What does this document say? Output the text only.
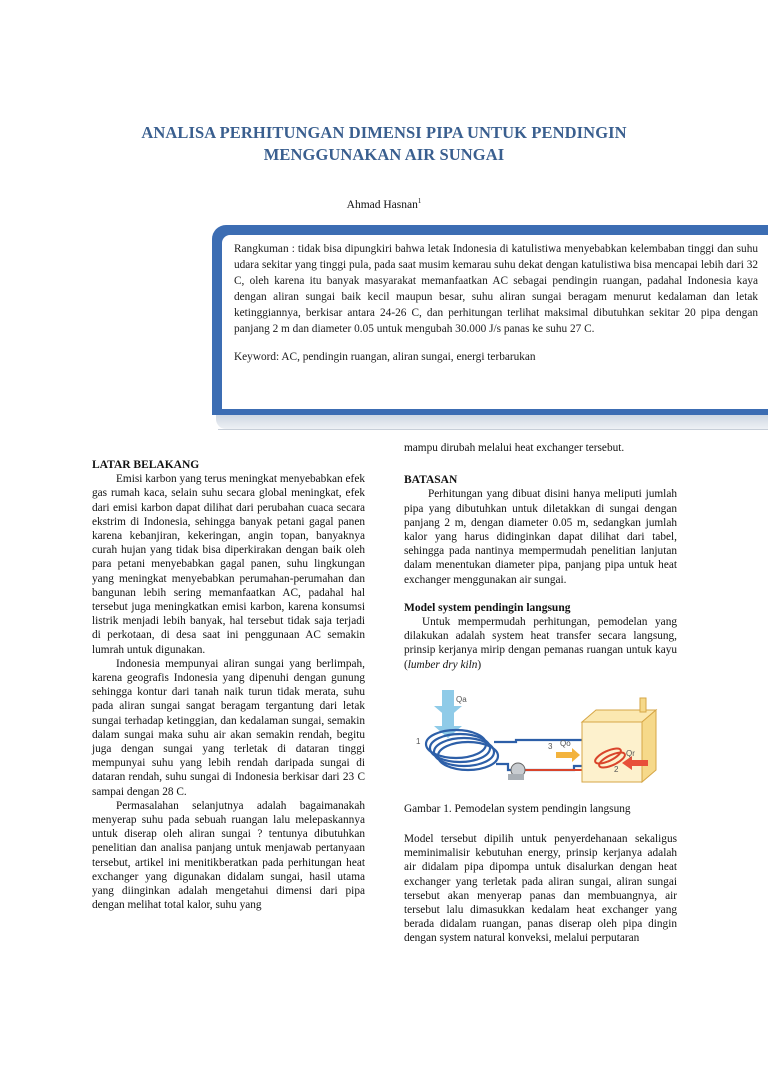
ANALISA PERHITUNGAN DIMENSI PIPA UNTUK PENDINGIN
MENGGUNAKAN AIR SUNGAI
Ahmad Hasnan$^1$

Rangkuman : tidak bisa dipungkiri bahwa letak Indonesia di katulistiwa menyebabkan kelembaban tinggi dan suhu udara sekitar yang tinggi pula, pada saat musim kemarau suhu dekat dengan katulistiwa bisa mencapai lebih dari 32 C, oleh karena itu banyak masyarakat memanfaatkan AC sebagai pendingin ruangan, padahal Indonesia kaya dengan aliran sungai baik kecil maupun besar, suhu aliran sungai beragam menurut kedalaman dan letak ketinggiannya, berkisar antara 24-26 C, dan perhitungan terlihat maksimal dibutuhkan sekitar 20 pipa dengan panjang 2 m dan diameter 0.05 untuk mengubah 30.000 J/s panas ke suhu 27 C.

Keyword: AC, pendingin ruangan, aliran sungai, energi terbarukan

LATAR BELAKANG

Emisi karbon yang terus meningkat menyebabkan efek gas rumah kaca, selain suhu secara global meningkat, efek dari emisi karbon dapat dilihat dari perubahan cuaca secara ekstrim di Indonesia, sehingga banyak petani gagal panen karena kebanjiran, kekeringan, angin topan, banyaknya curah hujan yang tidak bisa diperkirakan dengan baik oleh para petani menyebabkan gagal panen, suhu lingkungan yang meningkat menyebabkan perumahan-perumahan dan bangunan lebih sering memanfaatkan AC, padahal hal tersebut juga meningkatkan emisi karbon, karena konsumsi listrik menjadi lebih banyak, hal tersebut tidak saja terjadi di perkotaan, di desa saat ini penggunaan AC semakin lumrah untuk digunakan.

Indonesia mempunyai aliran sungai yang berlimpah, karena geografis Indonesia yang dipenuhi dengan gunung sehingga kontur dari tanah naik turun tidak merata, suhu pada aliran sungai sangat beragam tergantung dari letak sungai terhadap ketinggian, dan kedalaman sungai, semakin dalam sungai maka suhu air akan semakin rendah, begitu juga dengan sungai yang terletak di dataran tinggi mempunyai suhu yang lebih rendah daripada sungai di dataran rendah, suhu sungai di Indonesia berkisar dari 23 C sampai dengan 28 C.

Permasalahan selanjutnya adalah bagaimanakah menyerap suhu pada sebuah ruangan lalu melepaskannya untuk diserap oleh aliran sungai ? tentunya dibutuhkan penelitian dan analisa panjang untuk menjawab pertanyaan tersebut, artikel ini menitikberatkan pada perhitungan heat exchanger yang digunakan didalam sungai, hasil utama yang diinginkan adalah mengetahui dimensi dari pipa dengan melihat total kalor, suhu yang

mampu dirubah melalui heat exchanger tersebut.

BATASAN

Perhitungan yang dibuat disini hanya meliputi jumlah pipa yang dibutuhkan untuk diletakkan di sungai dengan panjang 2 m, dengan diameter 0.05 m, sedangkan jumlah kalor yang harus didinginkan dapat dilihat dari tabel, sehingga pada nantinya mempermudah penelitian lanjutan dalam menentukan diameter pipa, panjang pipa untuk heat exchanger menggunakan air sungai.

Model system pendingin langsung

Untuk mempermudah perhitungan, pemodelan yang dilakukan adalah system heat transfer secara langsung, prinsip kerjanya mirip dengan pemanas ruangan untuk kayu (lumber dry kiln)

Qa
1	Qo
3
2
Qr

Gambar 1. Pemodelan system pendingin langsung

Model tersebut dipilih untuk penyerdehanaan sekaligus meminimalisir kebutuhan energy, prinsip kerjanya adalah air didalam pipa dipompa untuk disalurkan dengan heat exchanger yang terletak pada aliran sungai, aliran sungai tersebut akan menyerap panas dan membuangnya, air tersebut lalu dimasukkan kedalam heat exchanger yang berada didalam ruangan, panas diserap oleh pipa dingin dengan system natural konveksi, melalui perputaran
